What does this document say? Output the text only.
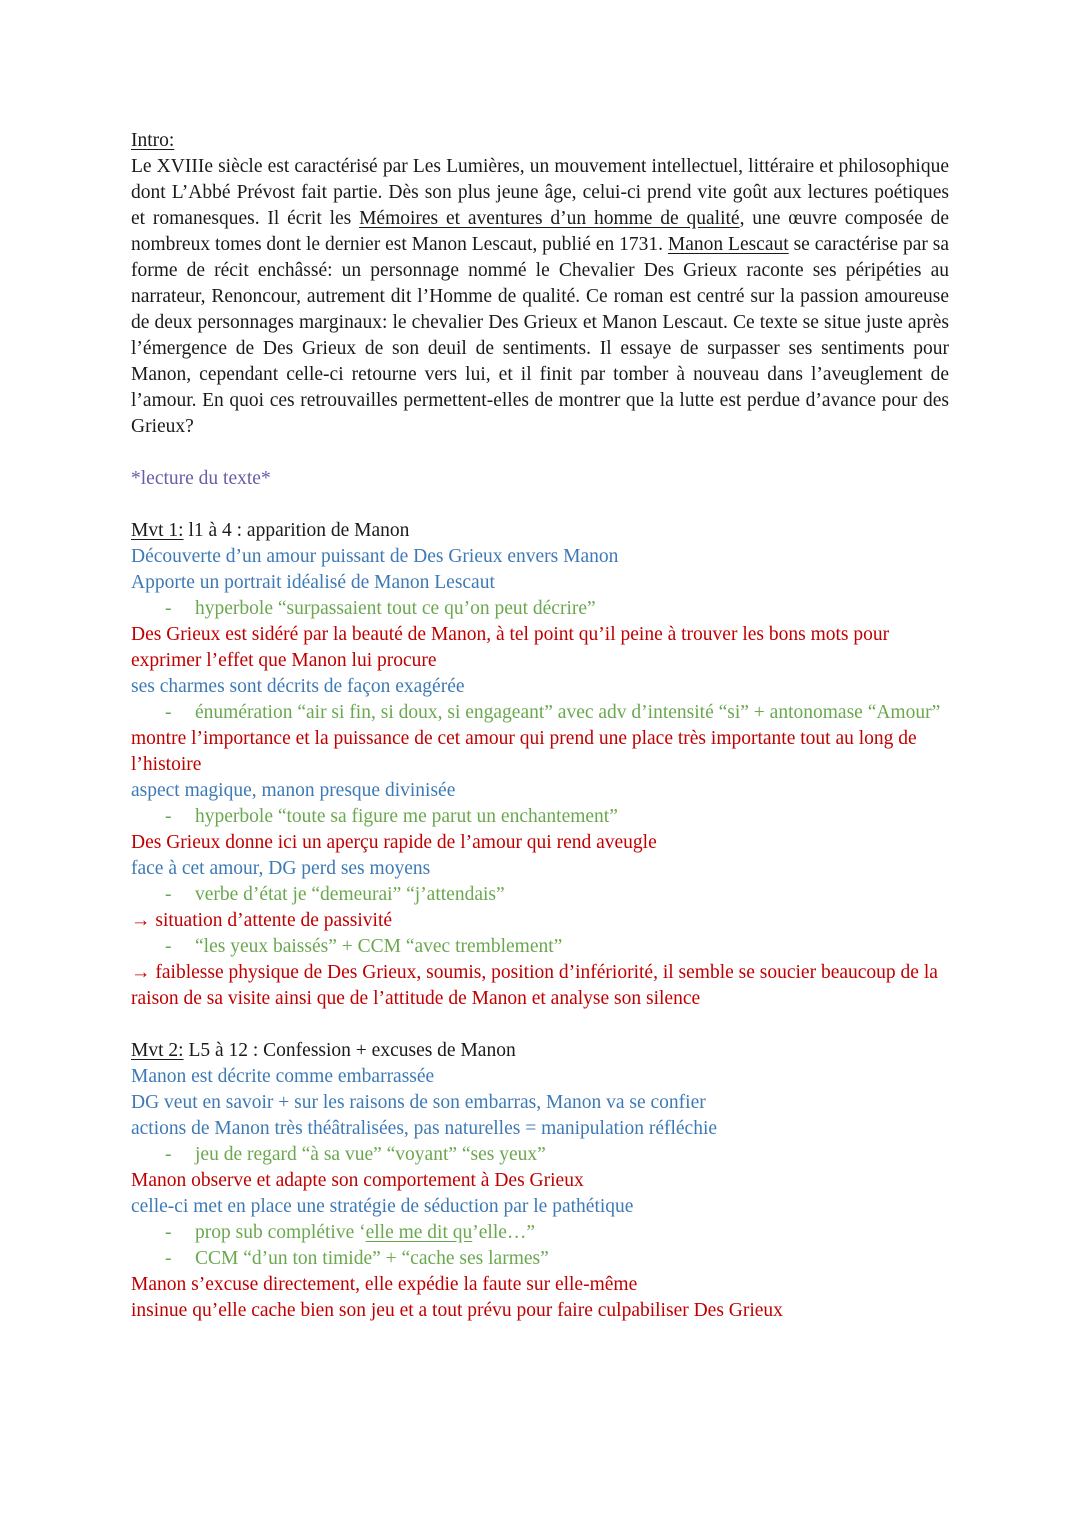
Intro:

Le XVIIIe siècle est caractérisé par Les Lumières, un mouvement intellectuel, littéraire et philosophique dont L’Abbé Prévost fait partie. Dès son plus jeune âge, celui-ci prend vite goût aux lectures poétiques et romanesques. Il écrit les Mémoires et aventures d’un homme de qualité, une œuvre composée de nombreux tomes dont le dernier est Manon Lescaut, publié en 1731. Manon Lescaut se caractérise par sa forme de récit enchâssé: un personnage nommé le Chevalier Des Grieux raconte ses péripéties au narrateur, Renoncour, autrement dit l’Homme de qualité. Ce roman est centré sur la passion amoureuse de deux personnages marginaux: le chevalier Des Grieux et Manon Lescaut. Ce texte se situe juste après l’émergence de Des Grieux de son deuil de sentiments. Il essaye de surpasser ses sentiments pour Manon, cependant celle-ci retourne vers lui, et il finit par tomber à nouveau dans l’aveuglement de l’amour. En quoi ces retrouvailles permettent-elles de montrer que la lutte est perdue d’avance pour des Grieux?

*lecture du texte*

Mvt 1: l1 à 4 : apparition de Manon

Découverte d’un amour puissant de Des Grieux envers Manon

Apporte un portrait idéalisé de Manon Lescaut

- hyperbole “surpassaient tout ce qu’on peut décrire”

Des Grieux est sidéré par la beauté de Manon, à tel point qu’il peine à trouver les bons mots pour exprimer l’effet que Manon lui procure

ses charmes sont décrits de façon exagérée

- énumération “air si fin, si doux, si engageant” avec adv d’intensité “si” + antonomase “Amour”

montre l’importance et la puissance de cet amour qui prend une place très importante tout au long de l’histoire

aspect magique, manon presque divinisée

- hyperbole “toute sa figure me parut un enchantement”

Des Grieux donne ici un aperçu rapide de l’amour qui rend aveugle

face à cet amour, DG perd ses moyens

- verbe d’état je “demeurai” “j’attendais”

→ situation d’attente de passivité

- “les yeux baissés” + CCM “avec tremblement”

→ faiblesse physique de Des Grieux, soumis, position d’infériorité, il semble se soucier beaucoup de la raison de sa visite ainsi que de l’attitude de Manon et analyse son silence

Mvt 2: L5 à 12 : Confession + excuses de Manon

Manon est décrite comme embarrassée

DG veut en savoir + sur les raisons de son embarras, Manon va se confier

actions de Manon très théâtralisées, pas naturelles = manipulation réfléchie

- jeu de regard “à sa vue” “voyant” “ses yeux”

Manon observe et adapte son comportement à Des Grieux

celle-ci met en place une stratégie de séduction par le pathétique

- prop sub complétive ‘elle me dit qu’elle…”

- CCM “d’un ton timide” + “cache ses larmes”

Manon s’excuse directement, elle expédie la faute sur elle-même

insinue qu’elle cache bien son jeu et a tout prévu pour faire culpabiliser Des Grieux
